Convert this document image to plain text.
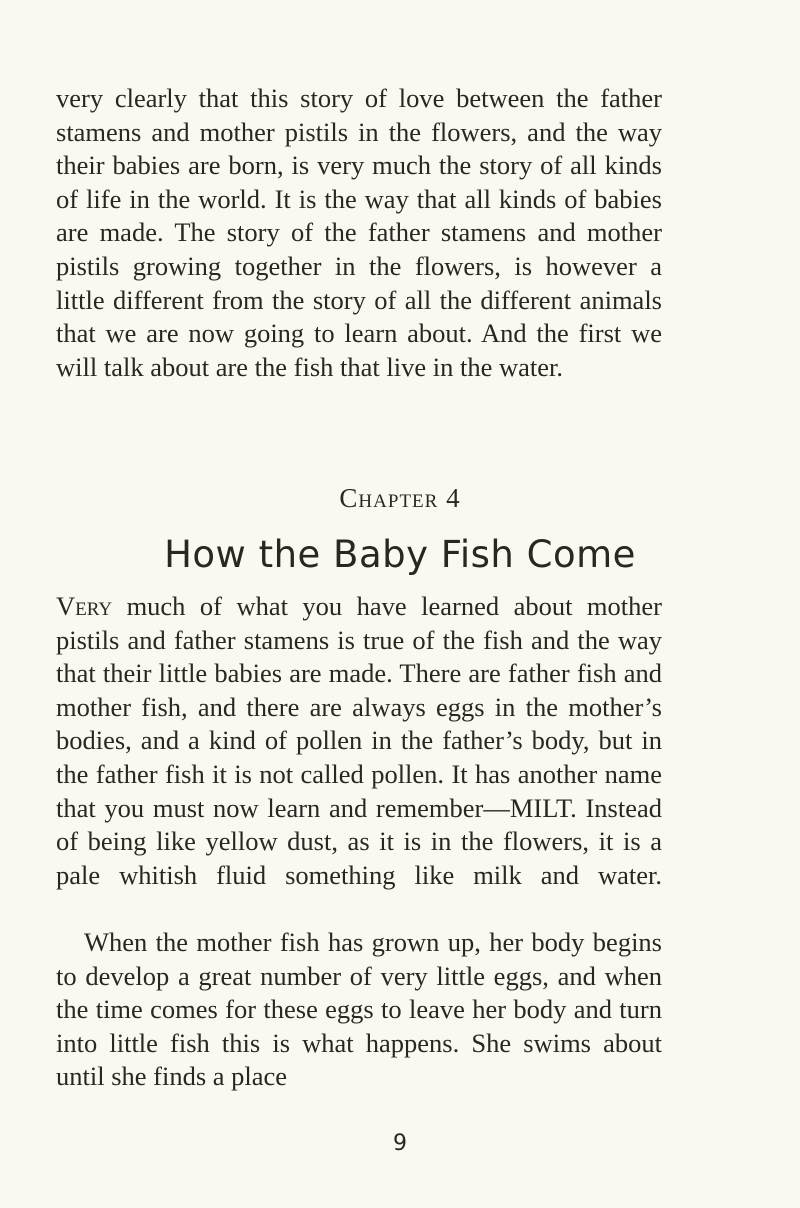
very clearly that this story of love between the father stamens and mother pistils in the flowers, and the way their babies are born, is very much the story of all kinds of life in the world. It is the way that all kinds of babies are made. The story of the father stamens and mother pistils growing together in the flowers, is however a little different from the story of all the different animals that we are now going to learn about. And the first we will talk about are the fish that live in the water.

Chapter 4

How the Baby Fish Come

Very much of what you have learned about mother pistils and father stamens is true of the fish and the way that their little babies are made. There are father fish and mother fish, and there are always eggs in the mother’s bodies, and a kind of pollen in the father’s body, but in the father fish it is not called pollen. It has another name that you must now learn and remember—MILT. Instead of being like yellow dust, as it is in the flowers, it is a pale whitish fluid something like milk and water.

When the mother fish has grown up, her body begins to develop a great number of very little eggs, and when the time comes for these eggs to leave her body and turn into little fish this is what happens. She swims about until she finds a place

9
